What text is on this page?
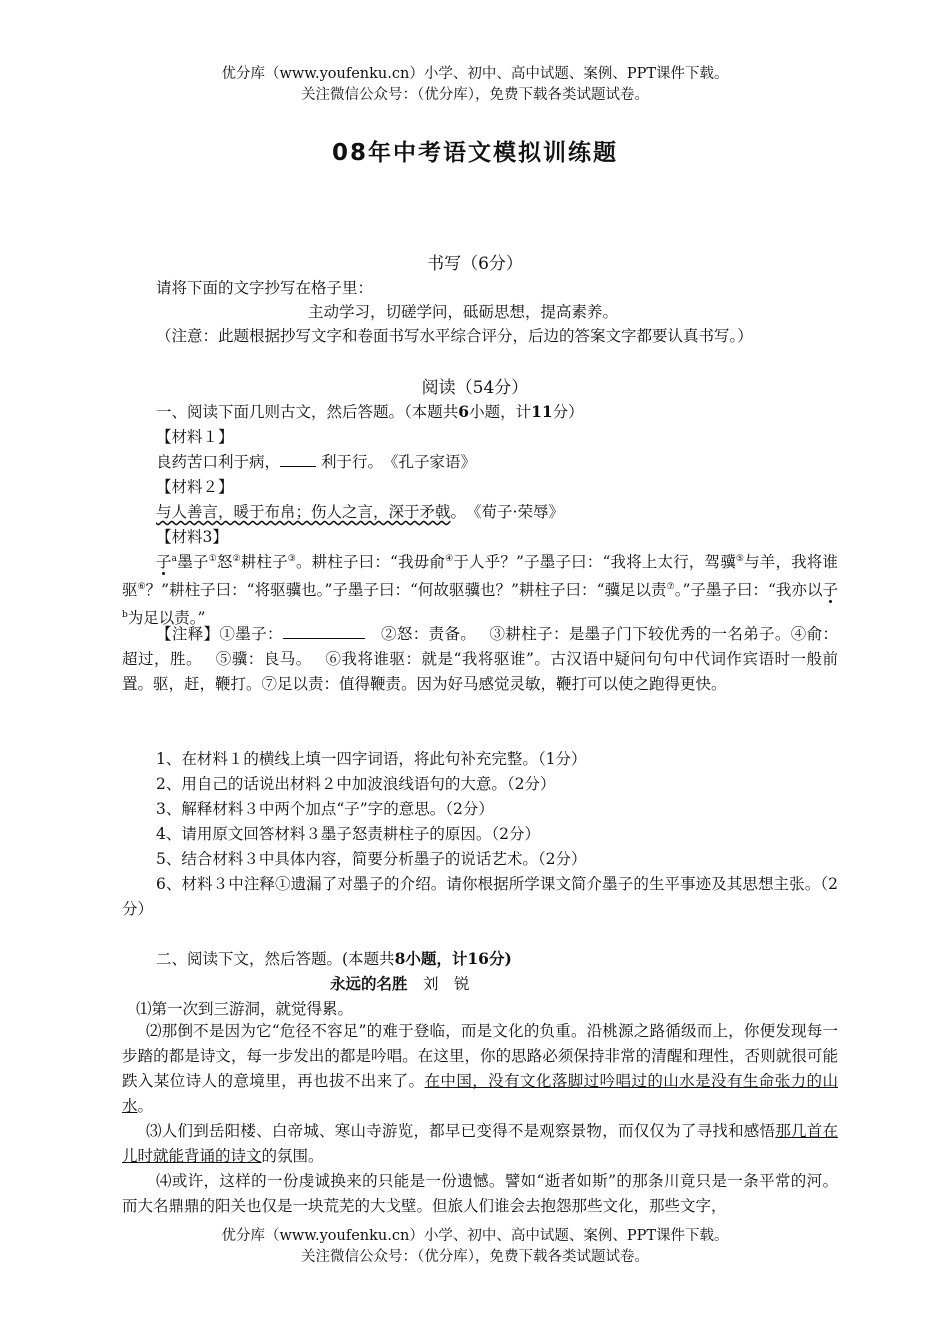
优分库（www.youfenku.cn）小学、初中、高中试题、案例、PPT课件下载。
关注微信公众号：（优分库），免费下载各类试题试卷。
08年中考语文模拟训练题
书写（6分）
请将下面的文字抄写在格子里：
主动学习，切磋学问，砥砺思想，提高素养。
（注意：此题根据抄写文字和卷面书写水平综合评分，后边的答案文字都要认真书写。）
阅读（54分）
一、阅读下面几则古文，然后答题。（本题共6小题，计11分）
【材料１】
良药苦口利于病，	利于行。　 《孔子家语》
【材料２】
与人善言，暖于布帛；伤人之言，深于矛戟。　 《荀子·荣辱》
【材料3】
子$^a$墨子①怒②耕柱子③。耕柱子曰：“我毋俞④于人乎？”子墨子曰：“我将上太行，驾骥⑤与羊，我将谁驱⑥？”耕柱子曰：“将驱骥也。”子墨子曰：“何故驱骥也？”耕柱子曰：“骥足以责⑦。”子墨子曰：“我亦以子$^b$为足以责。”
【注释】①墨子：　	②怒：责备。　 ③耕柱子：是墨子门下较优秀的一名弟子。④俞：超过，胜。　 ⑤骥：良马。　 ⑥我将谁驱：就是“我将驱谁”。古汉语中疑问句句中代词作宾语时一般前置。驱，赶，鞭打。⑦足以责：值得鞭责。因为好马感觉灵敏，鞭打可以使之跑得更快。
1、在材料１的横线上填一四字词语，将此句补充完整。（1分）
2、用自己的话说出材料２中加波浪线语句的大意。（2分）
3、解释材料３中两个加点“子”字的意思。（2分）
4、请用原文回答材料３墨子怒责耕柱子的原因。（2分）
5、结合材料３中具体内容，简要分析墨子的说话艺术。（2分）
6、材料３中注释①遗漏了对墨子的介绍。请你根据所学课文简介墨子的生平事迹及其思想主张。（2分）
二、阅读下文，然后答题。(本题共8小题，计16分)
永远的名胜　 刘　锐
⑴第一次到三游洞，就觉得累。
⑵那倒不是因为它“危径不容足”的难于登临，而是文化的负重。沿桃源之路循级而上，你便发现每一步踏的都是诗文，每一步发出的都是吟唱。在这里，你的思路必须保持非常的清醒和理性，否则就很可能跌入某位诗人的意境里，再也拔不出来了。在中国，没有文化落脚过吟唱过的山水是没有生命张力的山水。
⑶人们到岳阳楼、白帝城、寒山寺游览，都早已变得不是观察景物，而仅仅为了寻找和感悟那几首在儿时就能背诵的诗文的氛围。
⑷或许，这样的一份虔诚换来的只能是一份遗憾。譬如“逝者如斯”的那条川竟只是一条平常的河。而大名鼎鼎的阳关也仅是一块荒芜的大戈壁。但旅人们谁会去抱怨那些文化，那些文字，
优分库（www.youfenku.cn）小学、初中、高中试题、案例、PPT课件下载。
关注微信公众号：（优分库），免费下载各类试题试卷。
